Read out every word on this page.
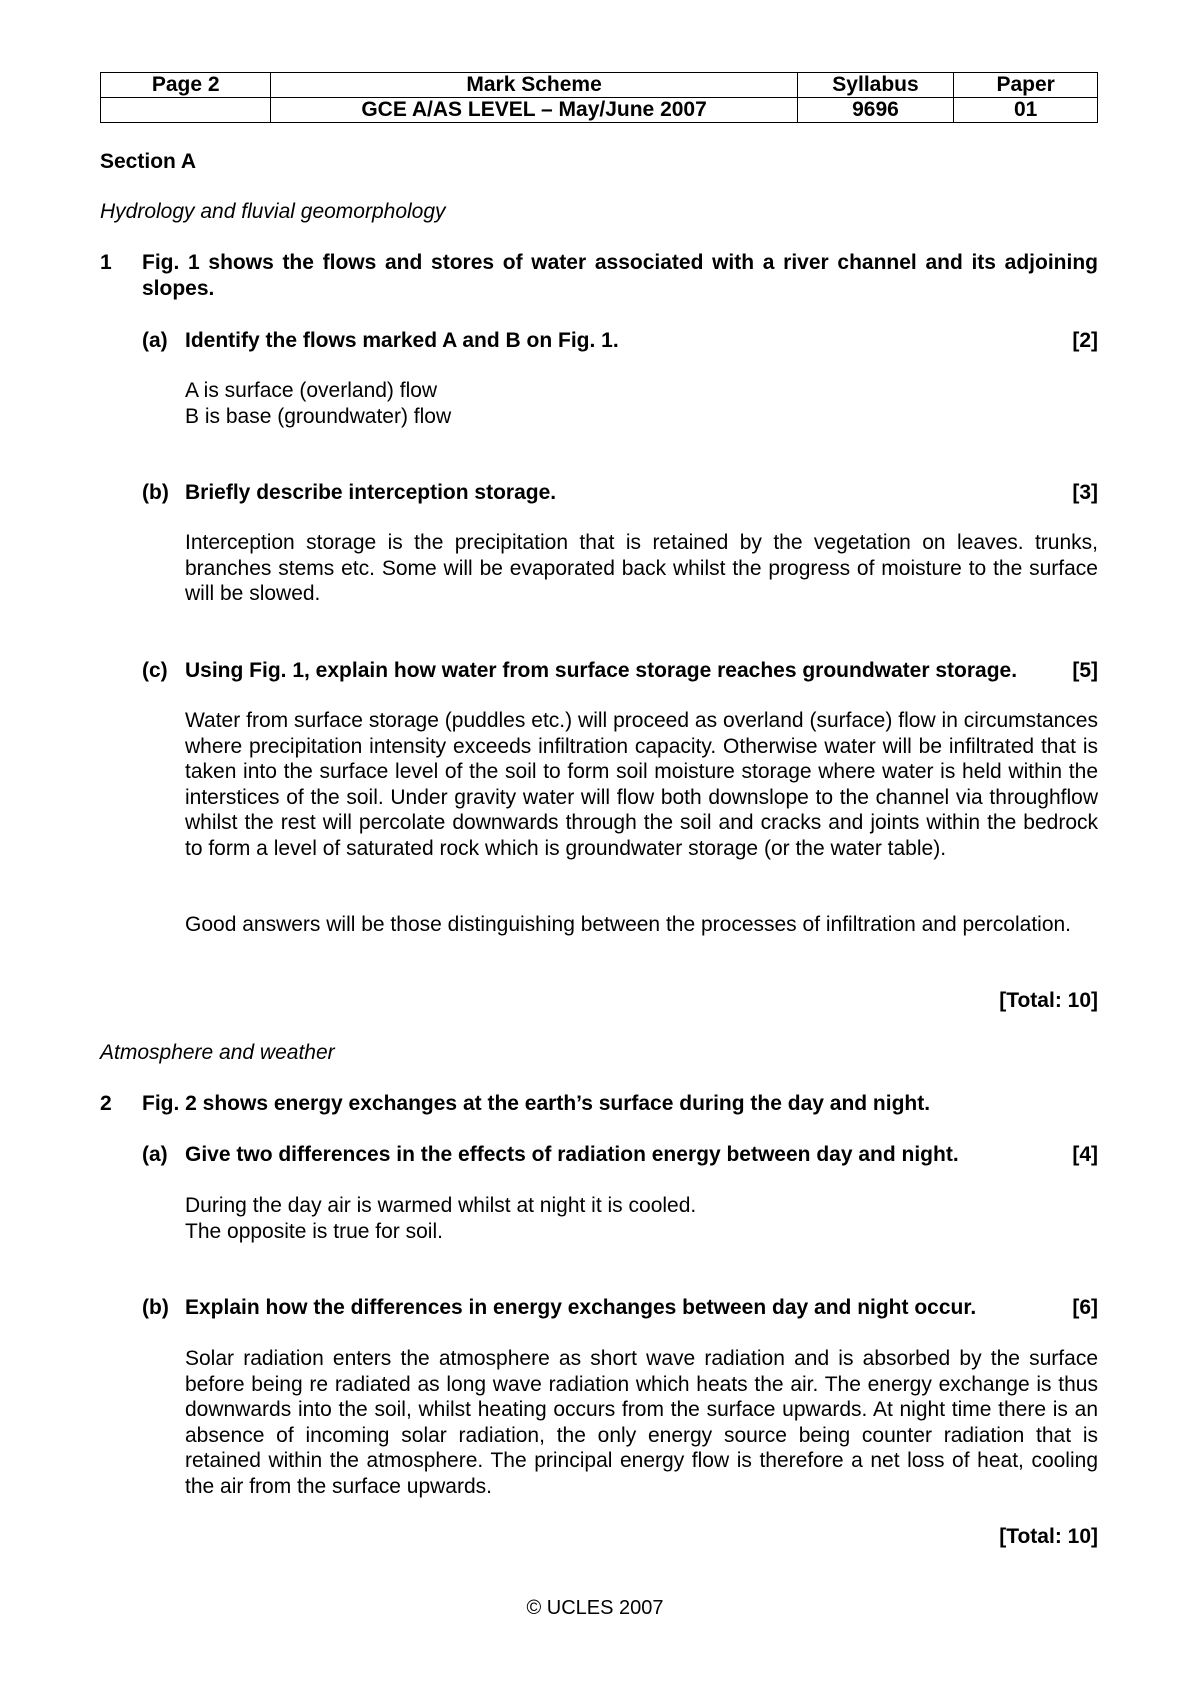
Page 2	Mark Scheme	Syllabus	Paper
	GCE A/AS LEVEL – May/June 2007	9696	01
Section A
Hydrology and fluvial geomorphology
1 Fig. 1 shows the flows and stores of water associated with a river channel and its adjoining slopes.
(a) Identify the flows marked A and B on Fig. 1.	[2]

A is surface (overland) flow

B is base (groundwater) flow

(b) Briefly describe interception storage.	[3]
Interception storage is the precipitation that is retained by the vegetation on leaves. trunks, branches stems etc. Some will be evaporated back whilst the progress of moisture to the surface will be slowed.
(c) Using Fig. 1, explain how water from surface storage reaches groundwater storage.	[5]
Water from surface storage (puddles etc.) will proceed as overland (surface) flow in circumstances where precipitation intensity exceeds infiltration capacity. Otherwise water will be infiltrated that is taken into the surface level of the soil to form soil moisture storage where water is held within the interstices of the soil. Under gravity water will flow both downslope to the channel via throughflow whilst the rest will percolate downwards through the soil and cracks and joints within the bedrock to form a level of saturated rock which is groundwater storage (or the water table).
Good answers will be those distinguishing between the processes of infiltration and percolation.
[Total: 10]
Atmosphere and weather
2 Fig. 2 shows energy exchanges at the earth’s surface during the day and night.
(a) Give two differences in the effects of radiation energy between day and night.	[4]

During the day air is warmed whilst at night it is cooled.

The opposite is true for soil.

(b) Explain how the differences in energy exchanges between day and night occur.	[6]
Solar radiation enters the atmosphere as short wave radiation and is absorbed by the surface before being re radiated as long wave radiation which heats the air. The energy exchange is thus downwards into the soil, whilst heating occurs from the surface upwards. At night time there is an absence of incoming solar radiation, the only energy source being counter radiation that is retained within the atmosphere. The principal energy flow is therefore a net loss of heat, cooling the air from the surface upwards.
[Total: 10]
© UCLES 2007
